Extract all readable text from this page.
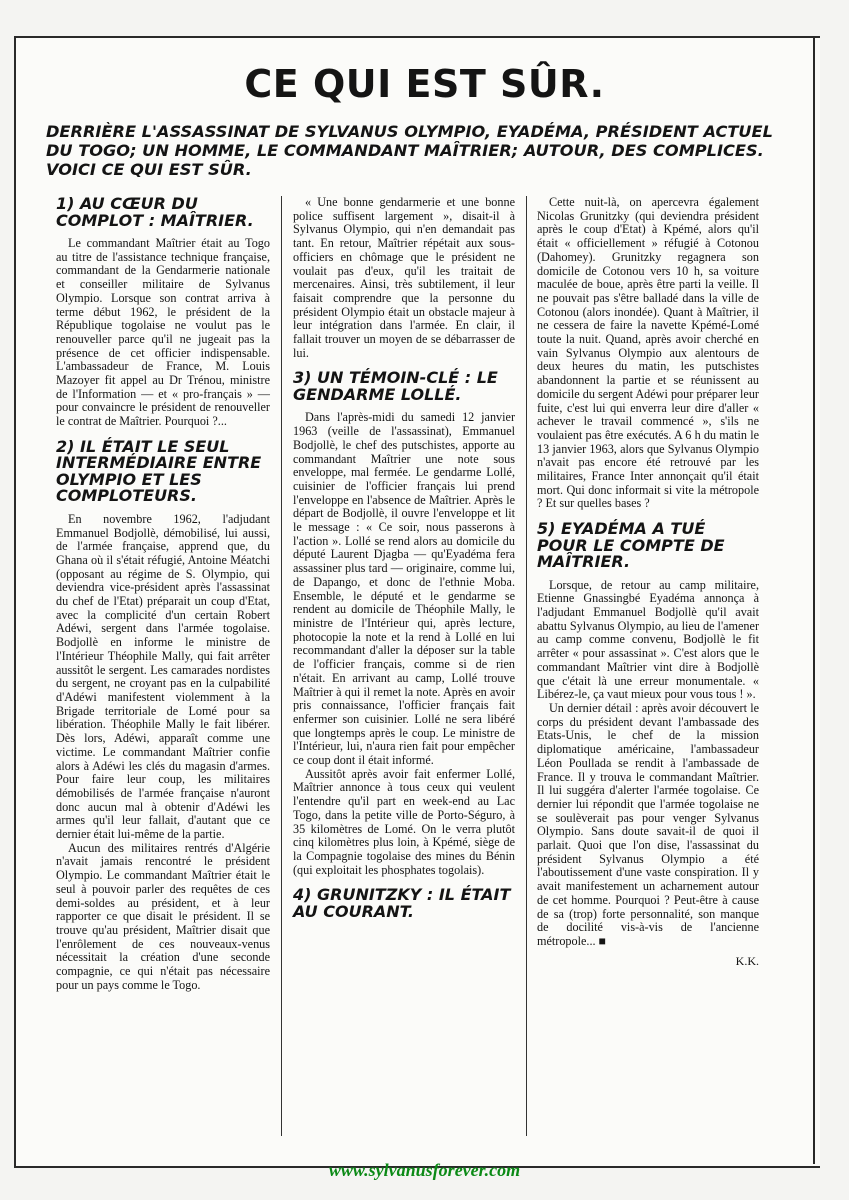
CE QUI EST SÛR.
DERRIÈRE L'ASSASSINAT DE SYLVANUS OLYMPIO, EYADÉMA, PRÉSIDENT ACTUEL DU TOGO; UN HOMME, LE COMMANDANT MAÎTRIER; AUTOUR, DES COMPLICES. VOICI CE QUI EST SÛR.
1) AU CŒUR DU COMPLOT : MAÎTRIER.

Le commandant Maîtrier était au Togo au titre de l'assistance technique française, commandant de la Gendarmerie nationale et conseiller militaire de Sylvanus Olympio. Lorsque son contrat arriva à terme début 1962, le président de la République togolaise ne voulut pas le renouveller parce qu'il ne jugeait pas la présence de cet officier indispensable. L'ambassadeur de France, M. Louis Mazoyer fit appel au Dr Trénou, ministre de l'Information — et « pro-français » — pour convaincre le président de renouveller le contrat de Maîtrier. Pourquoi ?...

2) IL ÉTAIT LE SEUL INTERMÉDIAIRE ENTRE OLYMPIO ET LES COMPLOTEURS.

En novembre 1962, l'adjudant Emmanuel Bodjollè, démobilisé, lui aussi, de l'armée française, apprend que, du Ghana où il s'était réfugié, Antoine Méatchi (opposant au régime de S. Olympio, qui deviendra vice-président après l'assassinat du chef de l'Etat) préparait un coup d'Etat, avec la complicité d'un certain Robert Adéwi, sergent dans l'armée togolaise. Bodjollè en informe le ministre de l'Intérieur Théophile Mally, qui fait arrêter aussitôt le sergent. Les camarades nordistes du sergent, ne croyant pas en la culpabilité d'Adéwi manifestent violemment à la Brigade territoriale de Lomé pour sa libération. Théophile Mally le fait libérer. Dès lors, Adéwi, apparaît comme une victime. Le commandant Maîtrier confie alors à Adéwi les clés du magasin d'armes. Pour faire leur coup, les militaires démobilisés de l'armée française n'auront donc aucun mal à obtenir d'Adéwi les armes qu'il leur fallait, d'autant que ce dernier était lui-même de la partie.

Aucun des militaires rentrés d'Algérie n'avait jamais rencontré le président Olympio. Le commandant Maîtrier était le seul à pouvoir parler des requêtes de ces demi-soldes au président, et à leur rapporter ce que disait le président. Il se trouve qu'au président, Maîtrier disait que l'enrôlement de ces nouveaux-venus nécessitait la création d'une seconde compagnie, ce qui n'était pas nécessaire pour un pays comme le Togo.

« Une bonne gendarmerie et une bonne police suffisent largement », disait-il à Sylvanus Olympio, qui n'en demandait pas tant. En retour, Maîtrier répétait aux sous-officiers en chômage que le président ne voulait pas d'eux, qu'il les traitait de mercenaires. Ainsi, très subtilement, il leur faisait comprendre que la personne du président Olympio était un obstacle majeur à leur intégration dans l'armée. En clair, il fallait trouver un moyen de se débarrasser de lui.

3) UN TÉMOIN-CLÉ : LE GENDARME LOLLÉ.

Dans l'après-midi du samedi 12 janvier 1963 (veille de l'assassinat), Emmanuel Bodjollè, le chef des putschistes, apporte au commandant Maîtrier une note sous enveloppe, mal fermée. Le gendarme Lollé, cuisinier de l'officier français lui prend l'enveloppe en l'absence de Maîtrier. Après le départ de Bodjollè, il ouvre l'enveloppe et lit le message : « Ce soir, nous passerons à l'action ». Lollé se rend alors au domicile du député Laurent Djagba — qu'Eyadéma fera assassiner plus tard — originaire, comme lui, de Dapango, et donc de l'ethnie Moba. Ensemble, le député et le gendarme se rendent au domicile de Théophile Mally, le ministre de l'Intérieur qui, après lecture, photocopie la note et la rend à Lollé en lui recommandant d'aller la déposer sur la table de l'officier français, comme si de rien n'était. En arrivant au camp, Lollé trouve Maîtrier à qui il remet la note. Après en avoir pris connaissance, l'officier français fait enfermer son cuisinier. Lollé ne sera libéré que longtemps après le coup. Le ministre de l'Intérieur, lui, n'aura rien fait pour empêcher ce coup dont il était informé.

Aussitôt après avoir fait enfermer Lollé, Maîtrier annonce à tous ceux qui veulent l'entendre qu'il part en week-end au Lac Togo, dans la petite ville de Porto-Séguro, à 35 kilomètres de Lomé. On le verra plutôt cinq kilomètres plus loin, à Kpémé, siège de la Compagnie togolaise des mines du Bénin (qui exploitait les phosphates togolais).

4) GRUNITZKY : IL ÉTAIT AU COURANT.

Cette nuit-là, on apercevra également Nicolas Grunitzky (qui deviendra président après le coup d'Etat) à Kpémé, alors qu'il était « officiellement » réfugié à Cotonou (Dahomey). Grunitzky regagnera son domicile de Cotonou vers 10 h, sa voiture maculée de boue, après être parti la veille. Il ne pouvait pas s'être balladé dans la ville de Cotonou (alors inondée). Quant à Maîtrier, il ne cessera de faire la navette Kpémé-Lomé toute la nuit. Quand, après avoir cherché en vain Sylvanus Olympio aux alentours de deux heures du matin, les putschistes abandonnent la partie et se réunissent au domicile du sergent Adéwi pour préparer leur fuite, c'est lui qui enverra leur dire d'aller « achever le travail commencé », s'ils ne voulaient pas être exécutés. A 6 h du matin le 13 janvier 1963, alors que Sylvanus Olympio n'avait pas encore été retrouvé par les militaires, France Inter annonçait qu'il était mort. Qui donc informait si vite la métropole ? Et sur quelles bases ?

5) EYADÉMA A TUÉ POUR LE COMPTE DE MAÎTRIER.

Lorsque, de retour au camp militaire, Etienne Gnassingbé Eyadéma annonça à l'adjudant Emmanuel Bodjollè qu'il avait abattu Sylvanus Olympio, au lieu de l'amener au camp comme convenu, Bodjollè le fit arrêter « pour assassinat ». C'est alors que le commandant Maîtrier vint dire à Bodjollè que c'était là une erreur monumentale. « Libérez-le, ça vaut mieux pour vous tous ! ».

Un dernier détail : après avoir découvert le corps du président devant l'ambassade des Etats-Unis, le chef de la mission diplomatique américaine, l'ambassadeur Léon Poullada se rendit à l'ambassade de France. Il y trouva le commandant Maîtrier. Il lui suggéra d'alerter l'armée togolaise. Ce dernier lui répondit que l'armée togolaise ne se soulèverait pas pour venger Sylvanus Olympio. Sans doute savait-il de quoi il parlait. Quoi que l'on dise, l'assassinat du président Sylvanus Olympio a été l'aboutissement d'une vaste conspiration. Il y avait manifestement un acharnement autour de cet homme. Pourquoi ? Peut-être à cause de sa (trop) forte personnalité, son manque de docilité vis-à-vis de l'ancienne métropole... ■

K.K.
www.sylvanusforever.com
